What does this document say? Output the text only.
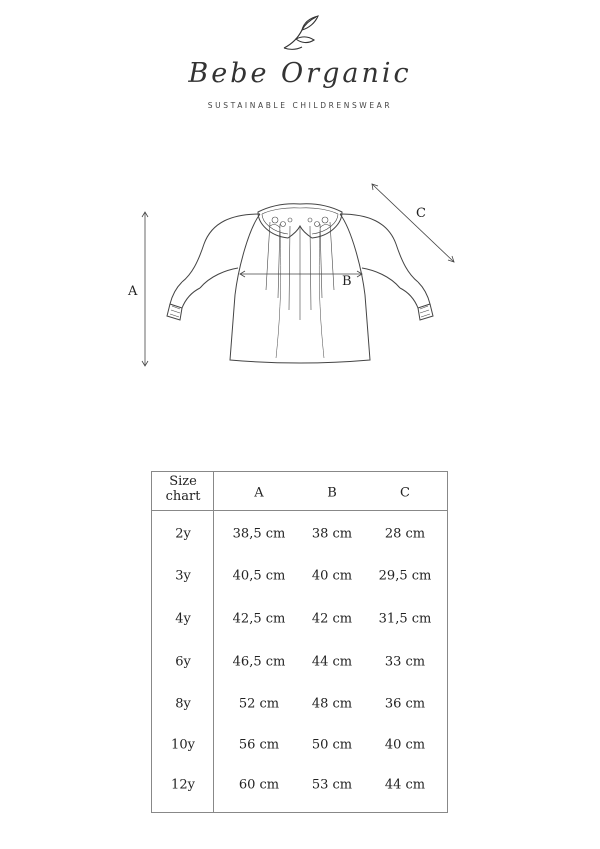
Bebe Organic
SUSTAINABLE CHILDRENSWEAR
A
B
C
Size
chart	A	B	C
2y	38,5 cm 38 cm	28 cm
3y	40,5 cm 40 cm 29,5 cm
4y	42,5 cm 42 cm 31,5 cm
6y	46,5 cm 44 cm	33 cm
8y	52 cm	48 cm	36 cm
10y	56 cm	50 cm	40 cm
12y	60 cm	53 cm	44 cm
